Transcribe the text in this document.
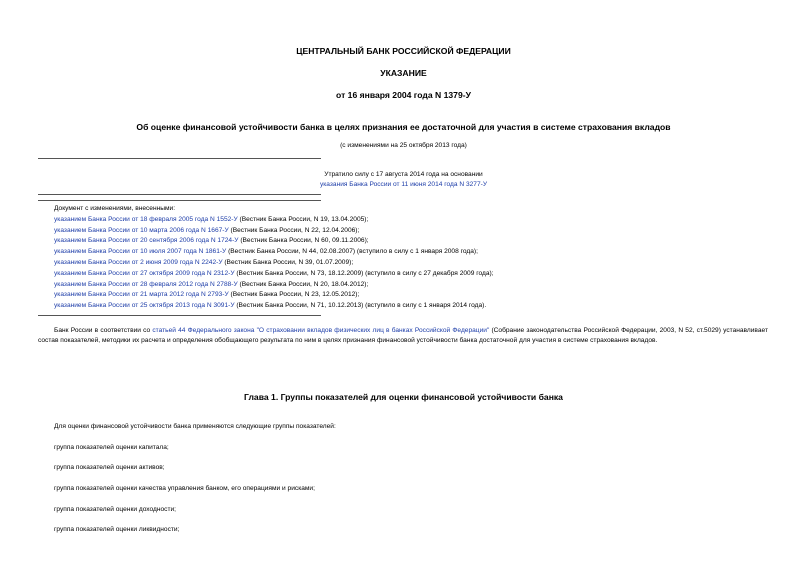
ЦЕНТРАЛЬНЫЙ БАНК РОССИЙСКОЙ ФЕДЕРАЦИИ
УКАЗАНИЕ
от 16 января 2004 года N 1379-У
Об оценке финансовой устойчивости банка в целях признания ее достаточной для участия в системе страхования вкладов
(с изменениями на 25 октября 2013 года)
Утратило силу с 17 августа 2014 года на основании
указания Банка России от 11 июня 2014 года N 3277-У
Документ с изменениями, внесенными:
указанием Банка России от 18 февраля 2005 года N 1552-У (Вестник Банка России, N 19, 13.04.2005);
указанием Банка России от 10 марта 2006 года N 1667-У (Вестник Банка России, N 22, 12.04.2006);
указанием Банка России от 20 сентября 2006 года N 1724-У (Вестник Банка России, N 60, 09.11.2006);
указанием Банка России от 10 июля 2007 года N 1861-У (Вестник Банка России, N 44, 02.08.2007) (вступило в силу с 1 января 2008 года);
указанием Банка России от 2 июня 2009 года N 2242-У (Вестник Банка России, N 39, 01.07.2009);
указанием Банка России от 27 октября 2009 года N 2312-У (Вестник Банка России, N 73, 18.12.2009) (вступило в силу с 27 декабря 2009 года);
указанием Банка России от 28 февраля 2012 года N 2788-У (Вестник Банка России, N 20, 18.04.2012);
указанием Банка России от 21 марта 2012 года N 2793-У (Вестник Банка России, N 23, 12.05.2012);
указанием Банка России от 25 октября 2013 года N 3091-У (Вестник Банка России, N 71, 10.12.2013) (вступило в силу с 1 января 2014 года).
Банк России в соответствии со статьей 44 Федерального закона "О страховании вкладов физических лиц в банках Российской Федерации" (Собрание законодательства Российской Федерации, 2003, N 52, ст.5029) устанавливает состав показателей, методики их расчета и определения обобщающего результата по ним в целях признания финансовой устойчивости банка достаточной для участия в системе страхования вкладов.
Глава 1. Группы показателей для оценки финансовой устойчивости банка
Для оценки финансовой устойчивости банка применяются следующие группы показателей:
группа показателей оценки капитала;
группа показателей оценки активов;
группа показателей оценки качества управления банком, его операциями и рисками;
группа показателей оценки доходности;
группа показателей оценки ликвидности;
